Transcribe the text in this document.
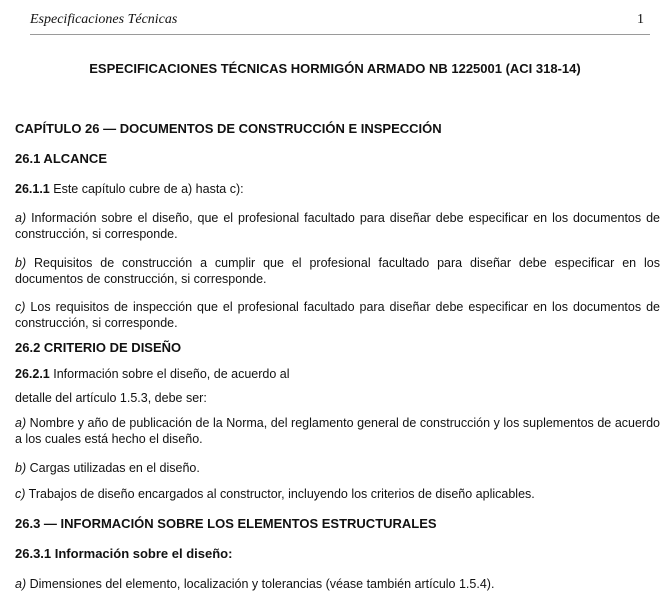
Especificaciones Técnicas	1
ESPECIFICACIONES TÉCNICAS HORMIGÓN ARMADO NB 1225001 (ACI 318-14)
CAPÍTULO 26 — DOCUMENTOS DE CONSTRUCCIÓN E INSPECCIÓN
26.1 ALCANCE
26.1.1 Este capítulo cubre de a) hasta c):
a) Información sobre el diseño, que el profesional facultado para diseñar debe especificar en los documentos de construcción, si corresponde.
b) Requisitos de construcción a cumplir que el profesional facultado para diseñar debe especificar en los documentos de construcción, si corresponde.
c) Los requisitos de inspección que el profesional facultado para diseñar debe especificar en los documentos de construcción, si corresponde.
26.2 CRITERIO DE DISEÑO
26.2.1 Información sobre el diseño, de acuerdo al
detalle del artículo 1.5.3, debe ser:
a) Nombre y año de publicación de la Norma, del reglamento general de construcción y los suplementos de acuerdo a los cuales está hecho el diseño.
b) Cargas utilizadas en el diseño.
c) Trabajos de diseño encargados al constructor, incluyendo los criterios de diseño aplicables.
26.3 — INFORMACIÓN SOBRE LOS ELEMENTOS ESTRUCTURALES
26.3.1 Información sobre el diseño:
a) Dimensiones del elemento, localización y tolerancias (véase también artículo 1.5.4).
